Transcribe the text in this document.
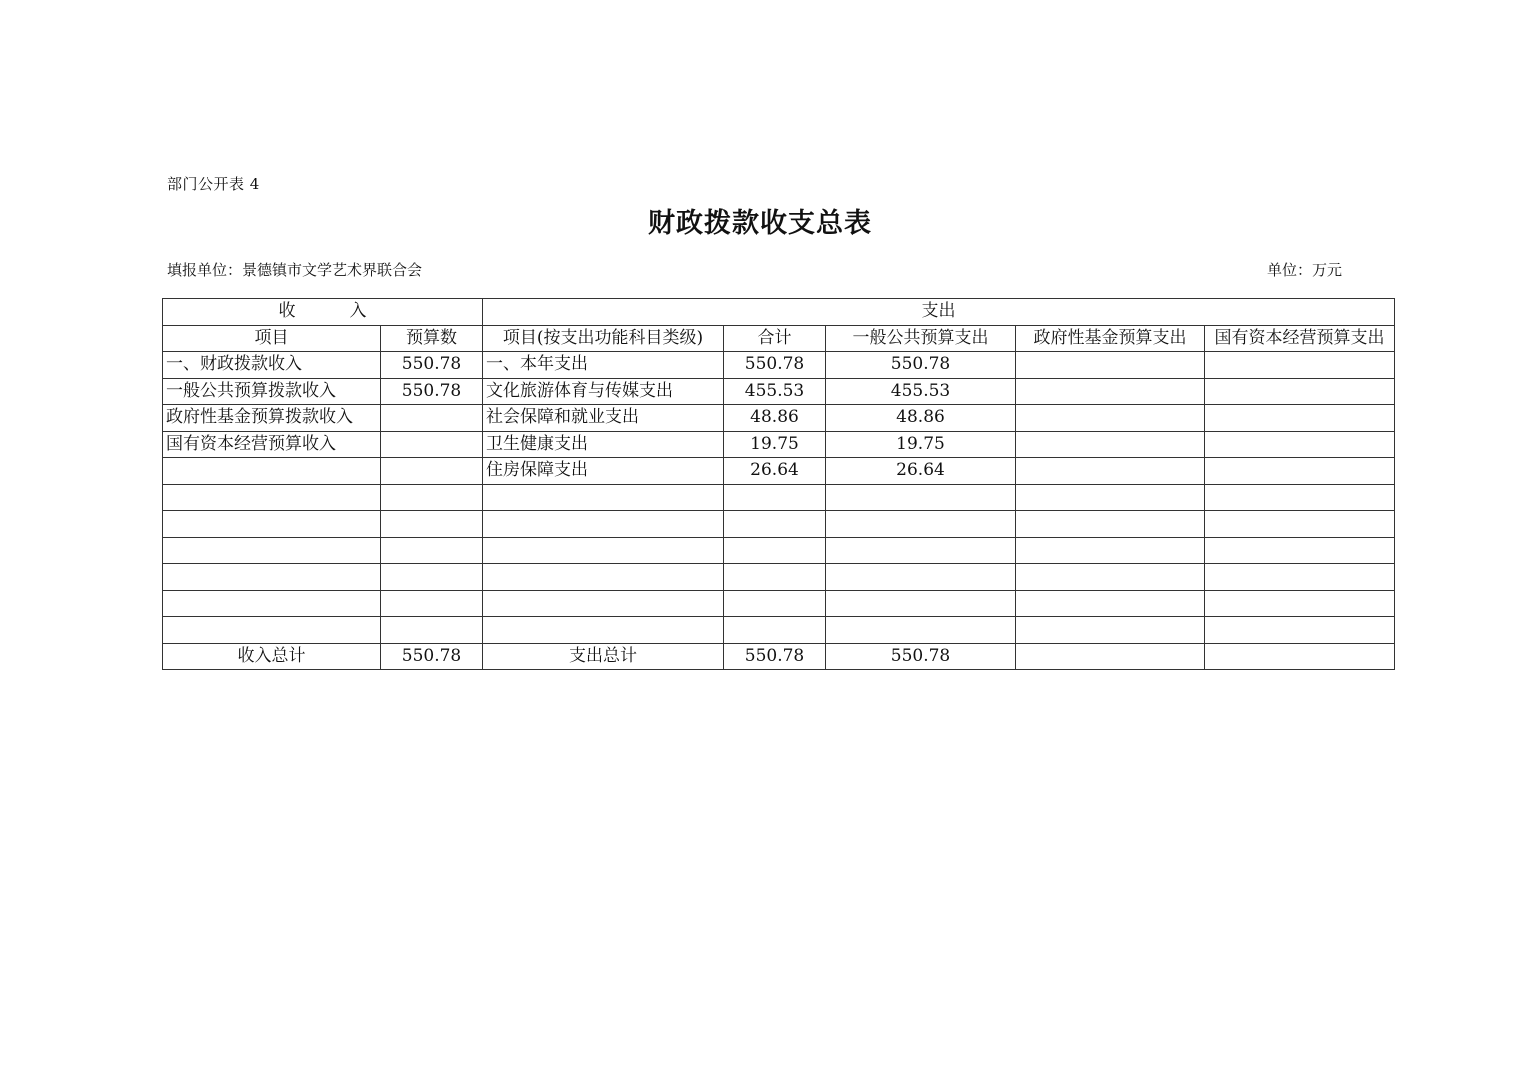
部门公开表 4
财政拨款收支总表
填报单位：景德镇市文学艺术界联合会	单位：万元
收          入		支出				
项目	预算数	项目(按支出功能科目类级)	合计	一般公共预算支出	政府性基金预算支出	国有资本经营预算支出
一、财政拨款收入	550.78	一、本年支出	550.78	550.78		
一般公共预算拨款收入	550.78	文化旅游体育与传媒支出	455.53	455.53		
政府性基金预算拨款收入		社会保障和就业支出	48.86	48.86		
国有资本经营预算收入		卫生健康支出	19.75	19.75		
		住房保障支出	26.64	26.64		

收入总计	550.78	支出总计	550.78	550.78		
